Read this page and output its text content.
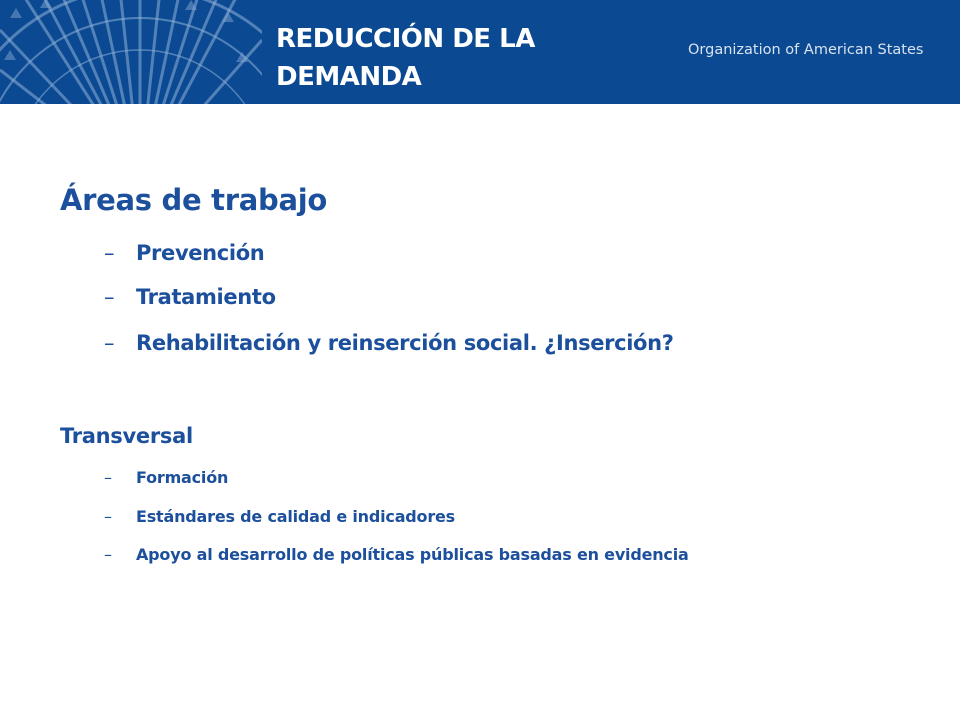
REDUCCIÓN DE LA
DEMANDA
Organization of American States
Áreas de trabajo
– Prevención
– Tratamiento
– Rehabilitación y reinserción social. ¿Inserción?
Transversal
– Formación
– Estándares de calidad e indicadores
– Apoyo al desarrollo de políticas públicas basadas en evidencia
